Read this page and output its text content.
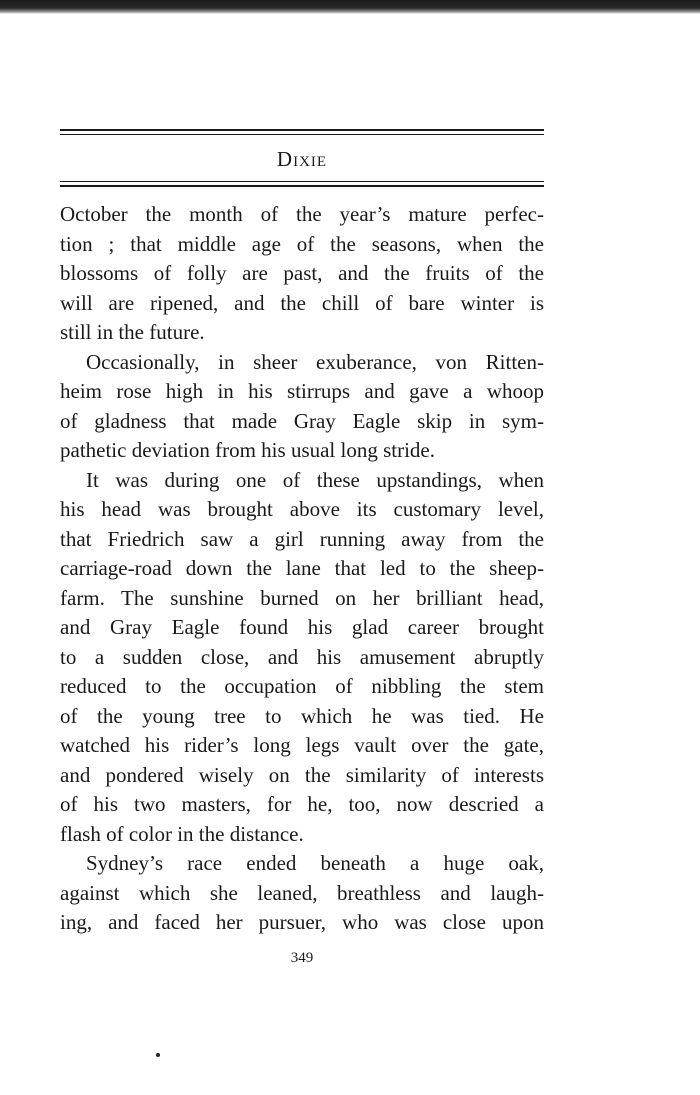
Dixie
October the month of the year’s mature perfec-
tion ; that middle age of the seasons, when the
blossoms of folly are past, and the fruits of the
will are ripened, and the chill of bare winter is
still in the future.
Occasionally, in sheer exuberance, von Ritten-
heim rose high in his stirrups and gave a whoop
of gladness that made Gray Eagle skip in sym-
pathetic deviation from his usual long stride.
It was during one of these upstandings, when
his head was brought above its customary level,
that Friedrich saw a girl running away from the
carriage-road down the lane that led to the sheep-
farm. The sunshine burned on her brilliant head,
and Gray Eagle found his glad career brought
to a sudden close, and his amusement abruptly
reduced to the occupation of nibbling the stem
of the young tree to which he was tied. He
watched his rider’s long legs vault over the gate,
and pondered wisely on the similarity of interests
of his two masters, for he, too, now descried a
flash of color in the distance.
Sydney’s race ended beneath a huge oak,
against which she leaned, breathless and laugh-
ing, and faced her pursuer, who was close upon
349
